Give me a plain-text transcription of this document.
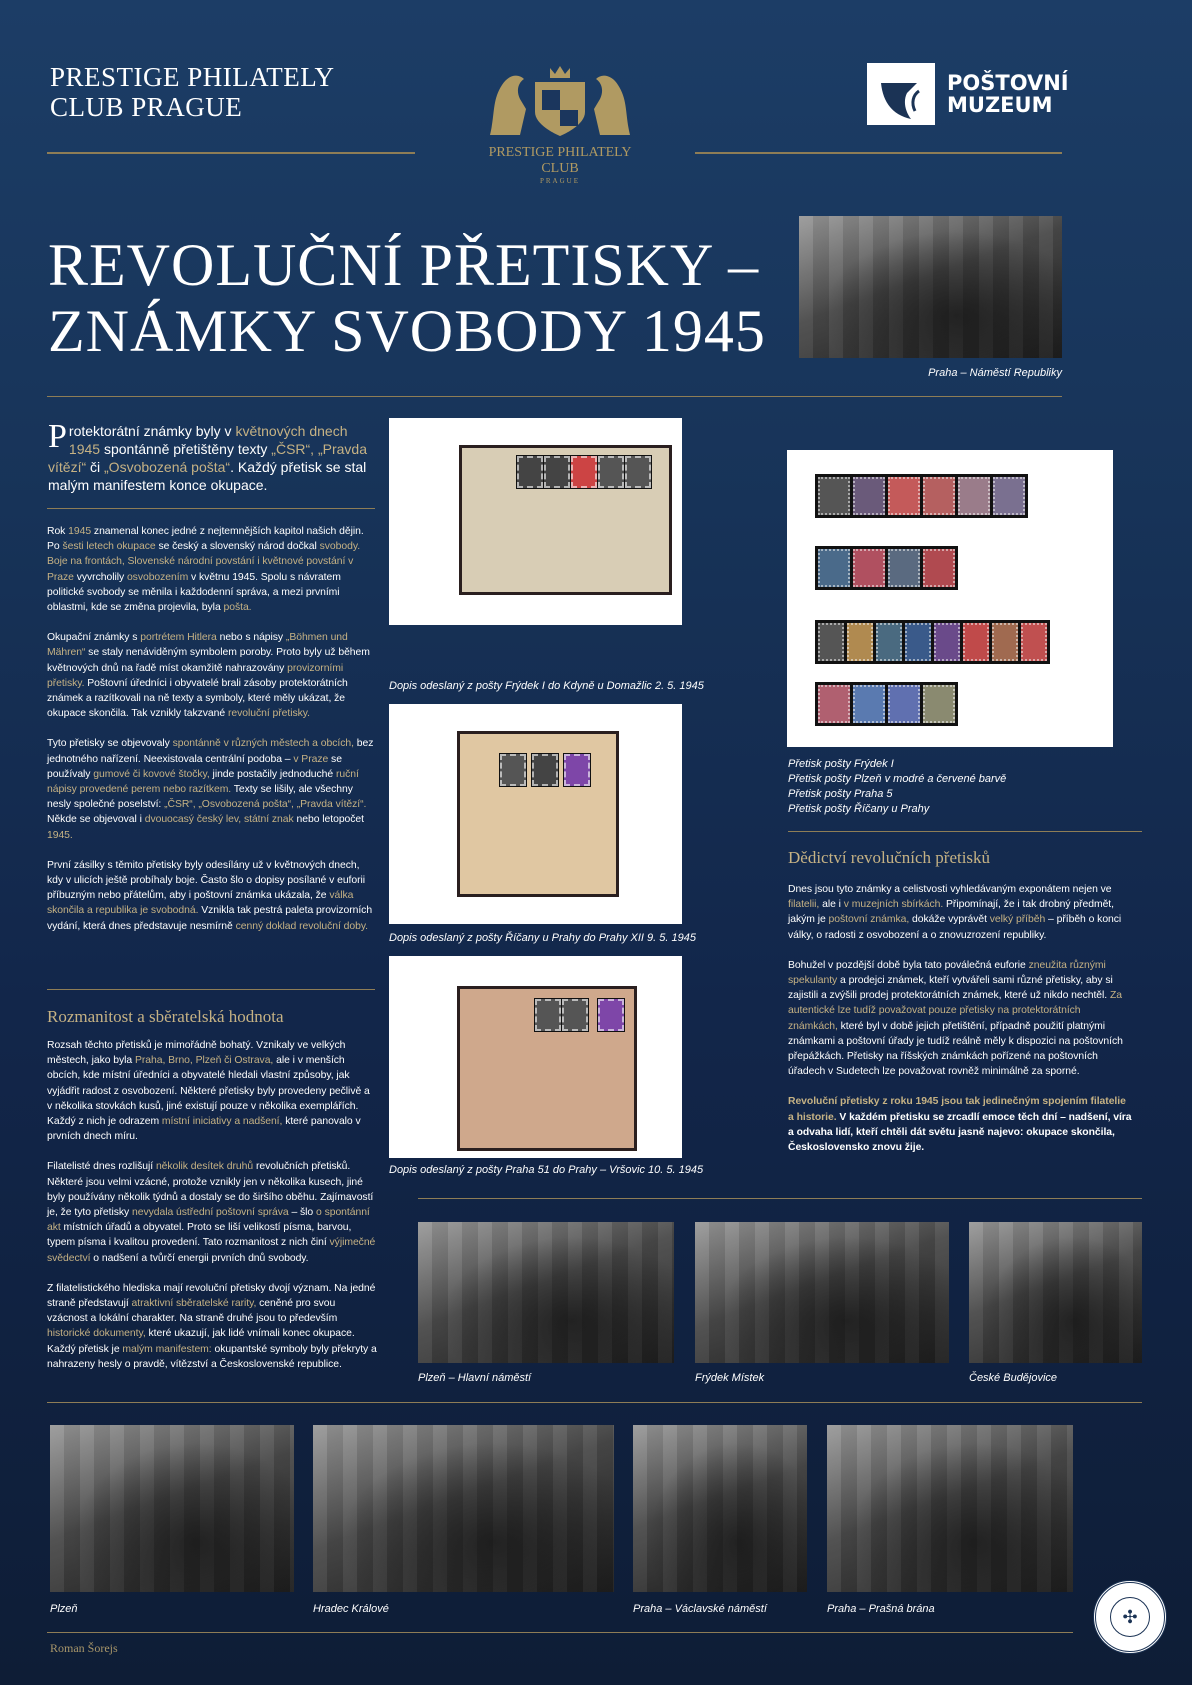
PRESTIGE PHILATELY
CLUB PRAGUE
PRESTIGE PHILATELY CLUB
PRAGUE
POŠTOVNÍ
MUZEUM
REVOLUČNÍ PŘETISKY –
ZNÁMKY SVOBODY 1945
Praha – Náměstí Republiky
Protektorátní známky byly v květnových dnech 1945 spontánně přetištěny texty „ČSR“, „Pravda vítězí“ či „Osvobozená pošta“. Každý přetisk se stal malým manifestem konce okupace.

Rok 1945 znamenal konec jedné z nejtemnějších kapitol našich dějin. Po šesti letech okupace se český a slovenský národ dočkal svobody. Boje na frontách, Slovenské národní povstání i květnové povstání v Praze vyvrcholily osvobozením v květnu 1945. Spolu s návratem politické svobody se měnila i každodenní správa, a mezi prvními oblastmi, kde se změna projevila, byla pošta.

Okupační známky s portrétem Hitlera nebo s nápisy „Böhmen und Mähren“ se staly nenáviděným symbolem poroby. Proto byly už během květnových dnů na řadě míst okamžitě nahrazovány provizorními přetisky. Poštovní úředníci i obyvatelé brali zásoby protektorátních známek a razítkovali na ně texty a symboly, které měly ukázat, že okupace skončila. Tak vznikly takzvané revoluční přetisky.

Tyto přetisky se objevovaly spontánně v různých městech a obcích, bez jednotného nařízení. Neexistovala centrální podoba – v Praze se používaly gumové či kovové štočky, jinde postačily jednoduché ruční nápisy provedené perem nebo razítkem. Texty se lišily, ale všechny nesly společné poselství: „ČSR“, „Osvobozená pošta“, „Pravda vítězí“. Někde se objevoval i dvouocasý český lev, státní znak nebo letopočet 1945.

První zásilky s těmito přetisky byly odesílány už v květnových dnech, kdy v ulicích ještě probíhaly boje. Často šlo o dopisy posílané v euforii příbuzným nebo přátelům, aby i poštovní známka ukázala, že válka skončila a republika je svobodná. Vznikla tak pestrá paleta provizorních vydání, která dnes představuje nesmírně cenný doklad revoluční doby.

Rozmanitost a sběratelská hodnota

Rozsah těchto přetisků je mimořádně bohatý. Vznikaly ve velkých městech, jako byla Praha, Brno, Plzeň či Ostrava, ale i v menších obcích, kde místní úředníci a obyvatelé hledali vlastní způsoby, jak vyjádřit radost z osvobození. Některé přetisky byly provedeny pečlivě a v několika stovkách kusů, jiné existují pouze v několika exemplářích. Každý z nich je odrazem místní iniciativy a nadšení, které panovalo v prvních dnech míru.

Filatelisté dnes rozlišují několik desítek druhů revolučních přetisků. Některé jsou velmi vzácné, protože vznikly jen v několika kusech, jiné byly používány několik týdnů a dostaly se do širšího oběhu. Zajímavostí je, že tyto přetisky nevydala ústřední poštovní správa – šlo o spontánní akt místních úřadů a obyvatel. Proto se liší velikostí písma, barvou, typem písma i kvalitou provedení. Tato rozmanitost z nich činí výjimečné svědectví o nadšení a tvůrčí energii prvních dnů svobody.

Z filatelistického hlediska mají revoluční přetisky dvojí význam. Na jedné straně představují atraktivní sběratelské rarity, ceněné pro svou vzácnost a lokální charakter. Na straně druhé jsou to především historické dokumenty, které ukazují, jak lidé vnímali konec okupace. Každý přetisk je malým manifestem: okupantské symboly byly překryty a nahrazeny hesly o pravdě, vítězství a Československé republice.

Dopis odeslaný z pošty Frýdek I do Kdyně u Domažlic 2. 5. 1945
Dopis odeslaný z pošty Říčany u Prahy do Prahy XII 9. 5. 1945
Dopis odeslaný z pošty Praha 51 do Prahy – Vršovic 10. 5. 1945
Přetisk pošty Frýdek I
Přetisk pošty Plzeň v modré a červené barvě
Přetisk pošty Praha 5
Přetisk pošty Říčany u Prahy
Dědictví revolučních přetisků

Dnes jsou tyto známky a celistvosti vyhledávaným exponátem nejen ve filatelii, ale i v muzejních sbírkách. Připomínají, že i tak drobný předmět, jakým je poštovní známka, dokáže vyprávět velký příběh – příběh o konci války, o radosti z osvobození a o znovuzrození republiky.

Bohužel v pozdější době byla tato poválečná euforie zneužita různými spekulanty a prodejci známek, kteří vytvářeli sami různé přetisky, aby si zajistili a zvýšili prodej protektorátních známek, které už nikdo nechtěl. Za autentické lze tudíž považovat pouze přetisky na protektorátních známkách, které byl v době jejich přetištění, případně použití platnými známkami a poštovní úřady je tudíž reálně měly k dispozici na poštovních přepážkách. Přetisky na říšských známkách pořízené na poštovních úřadech v Sudetech lze považovat rovněž minimálně za sporné.

Revoluční přetisky z roku 1945 jsou tak jedinečným spojením filatelie a historie. V každém přetisku se zrcadlí emoce těch dní – nadšení, víra a odvaha lidí, kteří chtěli dát světu jasně najevo: okupace skončila, Československo znovu žije.

Plzeň – Hlavní náměstí	Frýdek Místek	České Budějovice
Plzeň	Hradec Králové	Praha – Václavské náměstí	Praha – Prašná brána
Roman Šorejs
✣
